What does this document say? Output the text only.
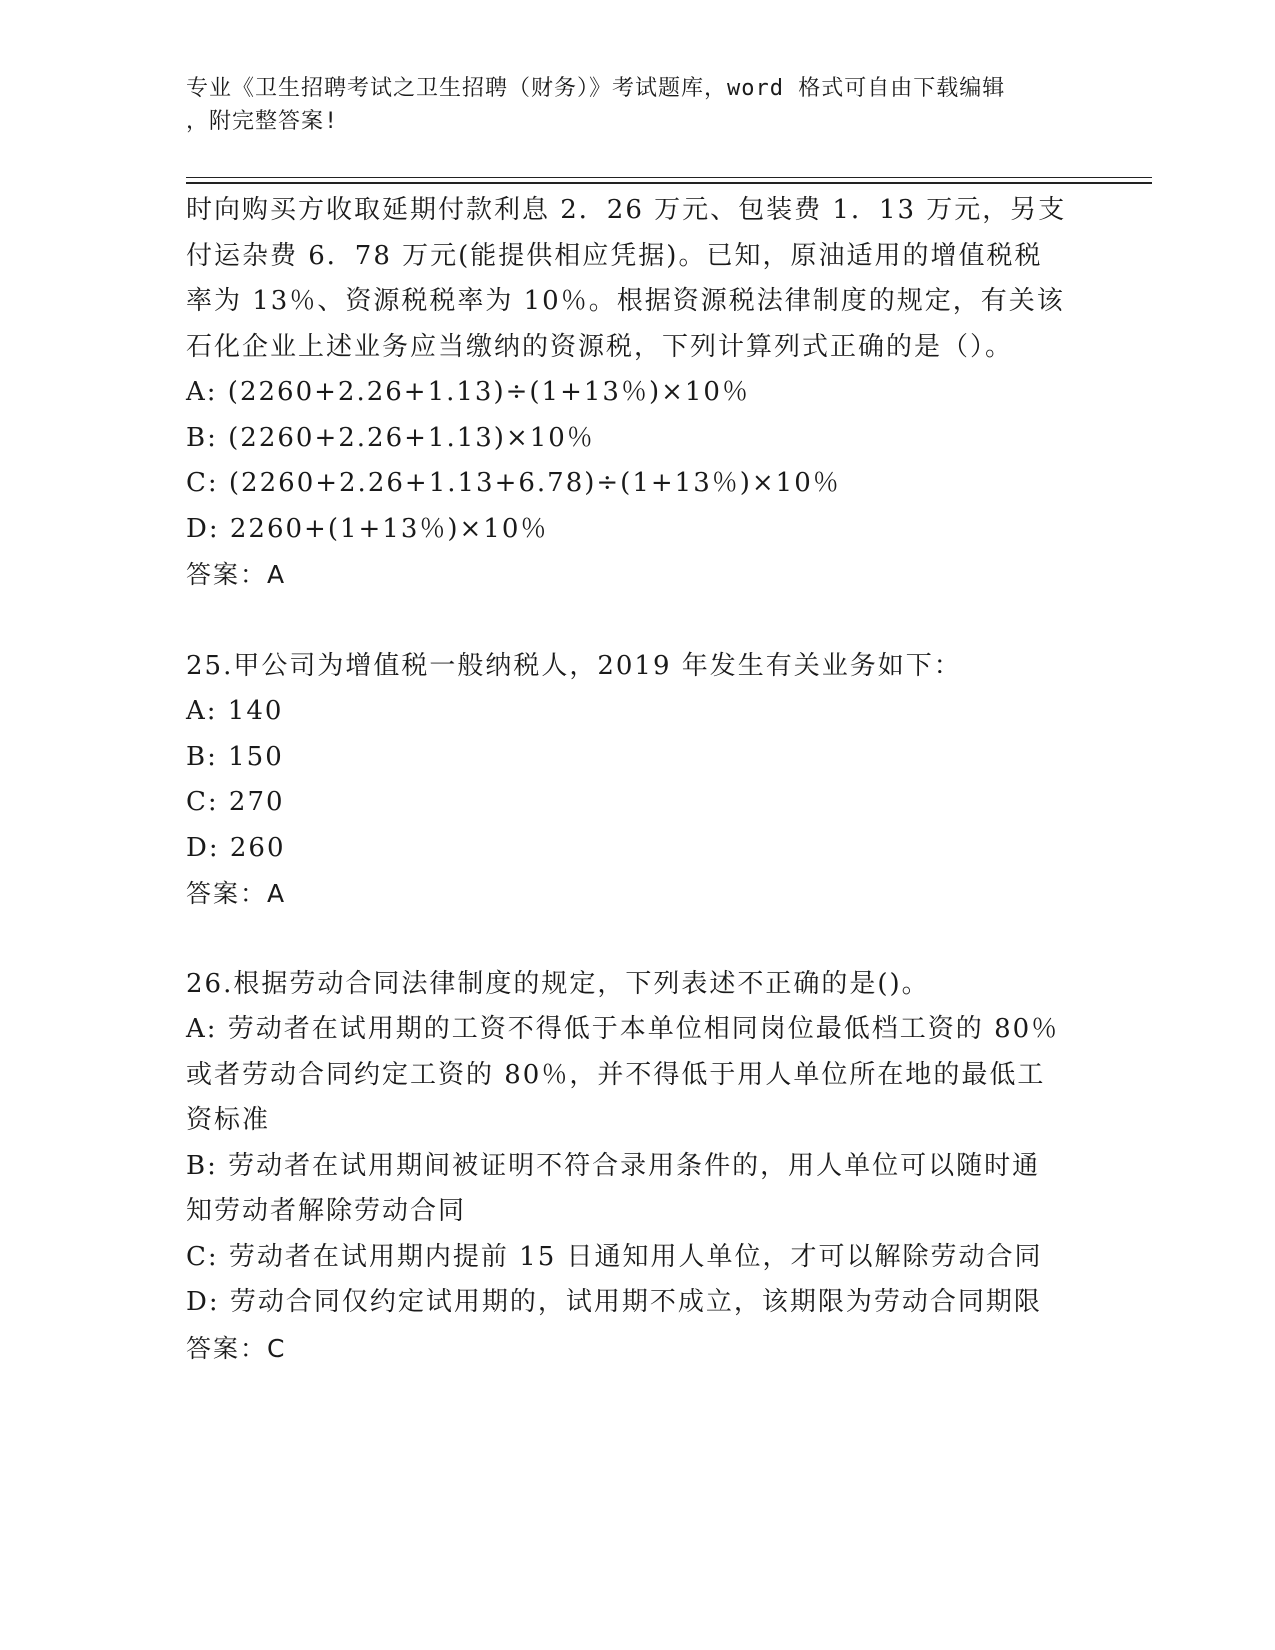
专业《卫生招聘考试之卫生招聘（财务）》考试题库，word 格式可自由下载编辑
，附完整答案!
时向购买方收取延期付款利息 2．26 万元、包装费 1．13 万元，另支
付运杂费 6．78 万元(能提供相应凭据)。已知，原油适用的增值税税
率为 13％、资源税税率为 10％。根据资源税法律制度的规定，有关该
石化企业上述业务应当缴纳的资源税，下列计算列式正确的是（）。
A: (2260+2.26+1.13)÷(1+13％)×10％
B: (2260+2.26+1.13)×10％
C: (2260+2.26+1.13+6.78)÷(1+13％)×10％
D: 2260+(1+13％)×10％
答案：A
25.甲公司为增值税一般纳税人，2019 年发生有关业务如下：
A: 140
B: 150
C: 270
D: 260
答案：A
26.根据劳动合同法律制度的规定，下列表述不正确的是()。
A: 劳动者在试用期的工资不得低于本单位相同岗位最低档工资的 80％
或者劳动合同约定工资的 80％，并不得低于用人单位所在地的最低工
资标准
B: 劳动者在试用期间被证明不符合录用条件的，用人单位可以随时通
知劳动者解除劳动合同
C: 劳动者在试用期内提前 15 日通知用人单位，才可以解除劳动合同
D: 劳动合同仅约定试用期的，试用期不成立，该期限为劳动合同期限
答案：C
